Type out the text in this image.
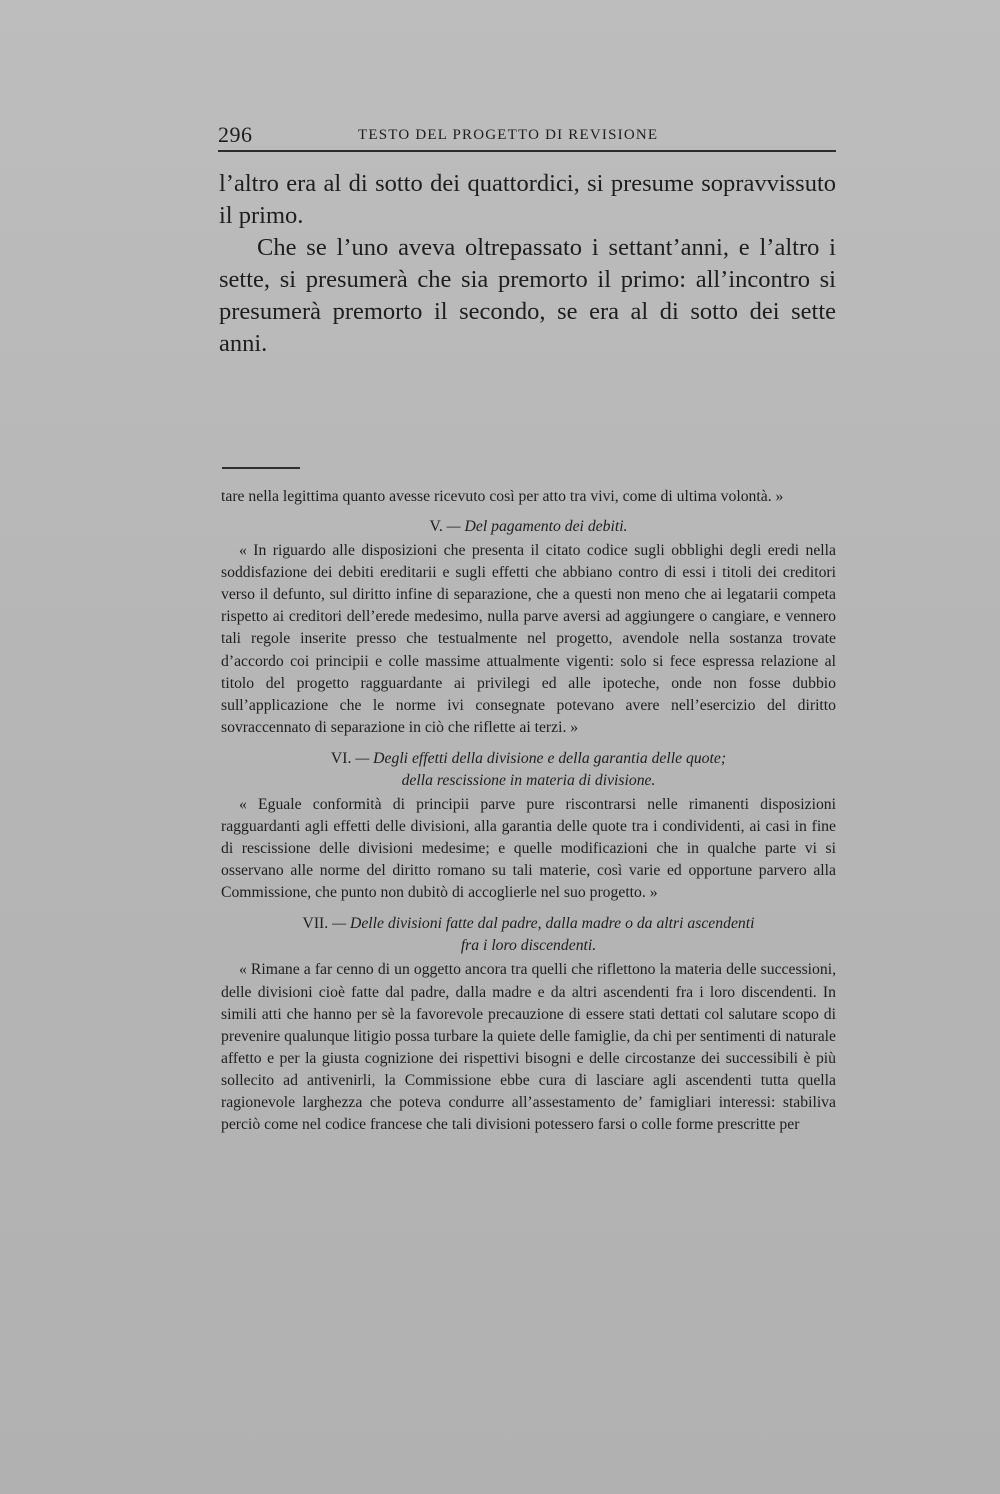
296	TESTO DEL PROGETTO DI REVISIONE

l’altro era al di sotto dei quattordici, si presume sopravvissuto il primo.

Che se l’uno aveva oltrepassato i settant’anni, e l’altro i sette, si presumerà che sia premorto il primo: all’incontro si presumerà premorto il secondo, se era al di sotto dei sette anni.

tare nella legittima quanto avesse ricevuto così per atto tra vivi, come di ultima volontà. »

V. — Del pagamento dei debiti.

« In riguardo alle disposizioni che presenta il citato codice sugli obblighi degli eredi nella soddisfazione dei debiti ereditarii e sugli effetti che abbiano contro di essi i titoli dei creditori verso il defunto, sul diritto infine di separazione, che a questi non meno che ai legatarii competa rispetto ai creditori dell’erede medesimo, nulla parve aversi ad aggiungere o cangiare, e vennero tali regole inserite presso che testualmente nel progetto, avendole nella sostanza trovate d’accordo coi principii e colle massime attualmente vigenti: solo si fece espressa relazione al titolo del progetto ragguardante ai privilegi ed alle ipoteche, onde non fosse dubbio sull’applicazione che le norme ivi consegnate potevano avere nell’esercizio del diritto sovraccennato di separazione in ciò che riflette ai terzi. »

VI. — Degli effetti della divisione e della garantia delle quote;
della rescissione in materia di divisione.

« Eguale conformità di principii parve pure riscontrarsi nelle rimanenti disposizioni ragguardanti agli effetti delle divisioni, alla garantia delle quote tra i condividenti, ai casi in fine di rescissione delle divisioni medesime; e quelle modificazioni che in qualche parte vi si osservano alle norme del diritto romano su tali materie, così varie ed opportune parvero alla Commissione, che punto non dubitò di accoglierle nel suo progetto. »

VII. — Delle divisioni fatte dal padre, dalla madre o da altri ascendenti
fra i loro discendenti.

« Rimane a far cenno di un oggetto ancora tra quelli che riflettono la materia delle successioni, delle divisioni cioè fatte dal padre, dalla madre e da altri ascendenti fra i loro discendenti. In simili atti che hanno per sè la favorevole precauzione di essere stati dettati col salutare scopo di prevenire qualunque litigio possa turbare la quiete delle famiglie, da chi per sentimenti di naturale affetto e per la giusta cognizione dei rispettivi bisogni e delle circostanze dei successibili è più sollecito ad antivenirli, la Commissione ebbe cura di lasciare agli ascendenti tutta quella ragionevole larghezza che poteva condurre all’assestamento de’ famigliari interessi: stabiliva perciò come nel codice francese che tali divisioni potessero farsi o colle forme prescritte per
